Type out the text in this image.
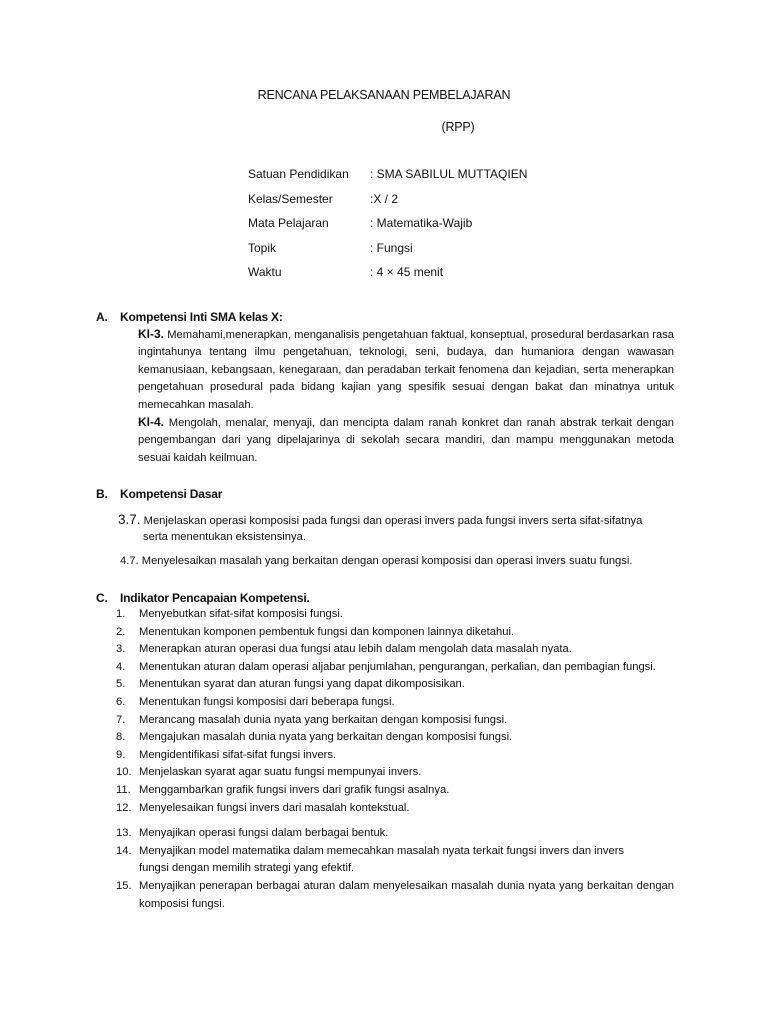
RENCANA PELAKSANAAN PEMBELAJARAN
(RPP)
Satuan Pendidikan	: SMA SABILUL MUTTAQIEN
Kelas/Semester	:X / 2
Mata Pelajaran	: Matematika-Wajib
Topik	: Fungsi
Waktu	: 4 × 45 menit
A. Kompetensi Inti SMA kelas X:
KI-3. Memahami,menerapkan, menganalisis pengetahuan faktual, konseptual, prosedural berdasarkan rasa ingintahunya tentang ilmu pengetahuan, teknologi, seni, budaya, dan humaniora dengan wawasan kemanusiaan, kebangsaan, kenegaraan, dan peradaban terkait fenomena dan kejadian, serta menerapkan pengetahuan prosedural pada bidang kajian yang spesifik sesuai dengan bakat dan minatnya untuk memecahkan masalah.
KI-4. Mengolah, menalar, menyaji, dan mencipta dalam ranah konkret dan ranah abstrak terkait dengan pengembangan dari yang dipelajarinya di sekolah secara mandiri, dan mampu menggunakan metoda sesuai kaidah keilmuan.
B. Kompetensi Dasar
3.7. Menjelaskan operasi komposisi pada fungsi dan operasi invers pada fungsi invers serta sifat-sifatnya
serta menentukan eksistensinya.
4.7. Menyelesaikan masalah yang berkaitan dengan operasi komposisi dan operasi invers suatu fungsi.
C. Indikator Pencapaian Kompetensi.
1.	Menyebutkan sifat-sifat komposisi fungsi.
2.	Menentukan komponen pembentuk fungsi dan komponen lainnya diketahui.
3.	Menerapkan aturan operasi dua fungsi atau lebih dalam mengolah data masalah nyata.
4.	Menentukan aturan dalam operasi aljabar penjumlahan, pengurangan, perkalian, dan pembagian fungsi.
5.	Menentukan syarat dan aturan fungsi yang dapat dikomposisikan.
6.	Menentukan fungsi komposisi dari beberapa fungsi.
7.	Merancang masalah dunia nyata yang berkaitan dengan komposisi fungsi.
8.	Mengajukan masalah dunia nyata yang berkaitan dengan komposisi fungsi.
9.	Mengidentifikasi sifat-sifat fungsi invers.
10. Menjelaskan syarat agar suatu fungsi mempunyai invers.
11. Menggambarkan grafik fungsi invers dari grafik fungsi asalnya.
12. Menyelesaikan fungsi invers dari masalah kontekstual.
13. Menyajikan operasi fungsi dalam berbagai bentuk.
14. Menyajikan model matematika dalam memecahkan masalah nyata terkait fungsi invers dan invers fungsi dengan memilih strategi yang efektif.
15. Menyajikan penerapan berbagai aturan dalam menyelesaikan masalah dunia nyata yang berkaitan dengan komposisi fungsi.
